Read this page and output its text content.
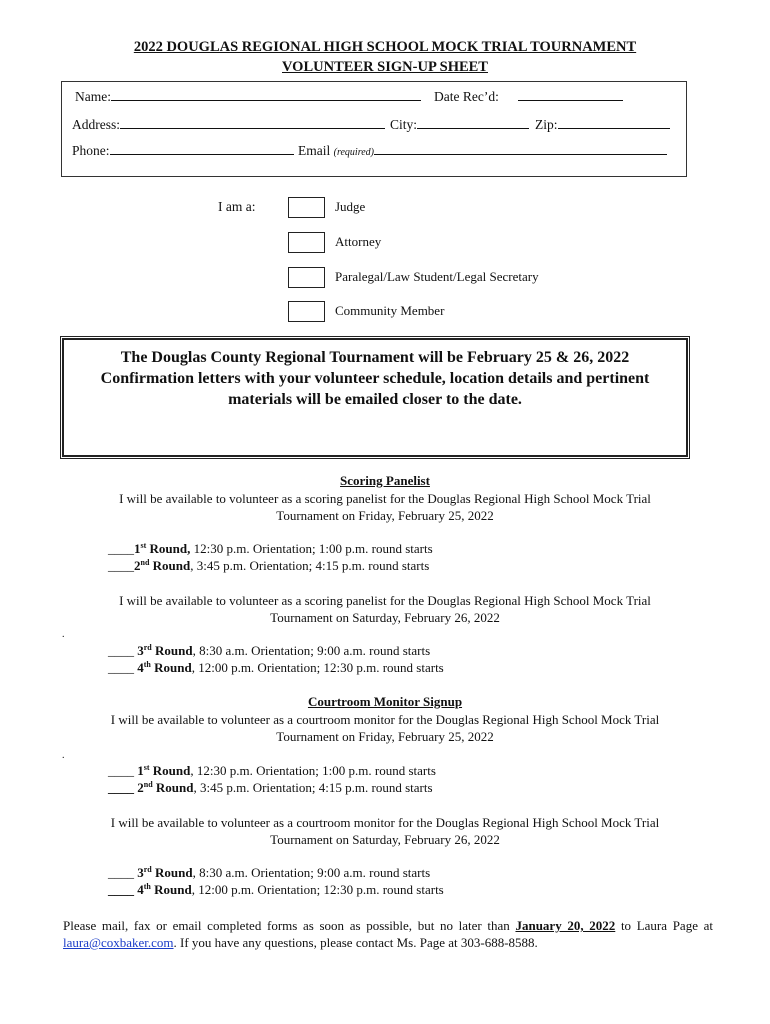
2022 DOUGLAS REGIONAL HIGH SCHOOL MOCK TRIAL TOURNAMENT
VOLUNTEER SIGN-UP SHEET
Name:	Date Rec’d:
Address:	City:	Zip:
Phone:	Email (required)
I am a:	Judge
Attorney
Paralegal/Law Student/Legal Secretary
Community Member
The Douglas County Regional Tournament will be February 25 & 26, 2022
Confirmation letters with your volunteer schedule, location details and pertinent
materials will be emailed closer to the date.
Scoring Panelist
I will be available to volunteer as a scoring panelist for the Douglas Regional High School Mock Trial
Tournament on Friday, February 25, 2022
____1st Round, 12:30 p.m. Orientation; 1:00 p.m. round starts
____2nd Round, 3:45 p.m. Orientation; 4:15 p.m. round starts
I will be available to volunteer as a scoring panelist for the Douglas Regional High School Mock Trial
Tournament on Saturday, February 26, 2022
.
____ 3rd Round, 8:30 a.m. Orientation; 9:00 a.m. round starts
____ 4th Round, 12:00 p.m. Orientation; 12:30 p.m. round starts
Courtroom Monitor Signup
I will be available to volunteer as a courtroom monitor for the Douglas Regional High School Mock Trial
Tournament on Friday, February 25, 2022
.
____ 1st Round, 12:30 p.m. Orientation; 1:00 p.m. round starts
____ 2nd Round, 3:45 p.m. Orientation; 4:15 p.m. round starts
I will be available to volunteer as a courtroom monitor for the Douglas Regional High School Mock Trial
Tournament on Saturday, February 26, 2022
____ 3rd Round, 8:30 a.m. Orientation; 9:00 a.m. round starts
____ 4th Round, 12:00 p.m. Orientation; 12:30 p.m. round starts
Please mail, fax or email completed forms as soon as possible, but no later than January 20, 2022 to Laura Page at laura@coxbaker.com. If you have any questions, please contact Ms. Page at 303-688-8588.
